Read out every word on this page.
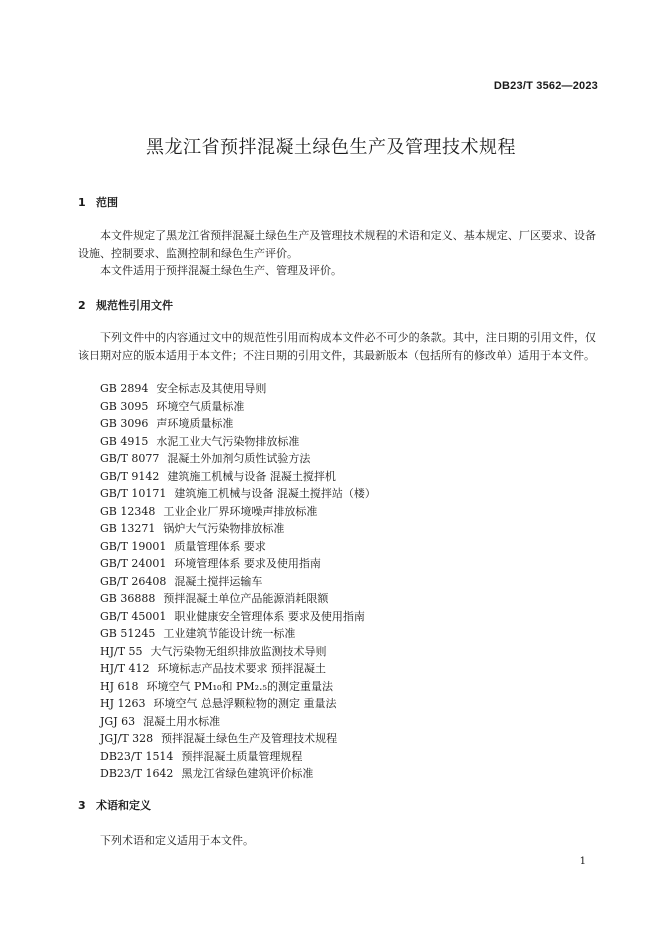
DB23/T 3562—2023
黑龙江省预拌混凝土绿色生产及管理技术规程
1 范围
本文件规定了黑龙江省预拌混凝土绿色生产及管理技术规程的术语和定义、基本规定、厂区要求、设备设施、控制要求、监测控制和绿色生产评价。
本文件适用于预拌混凝土绿色生产、管理及评价。
2 规范性引用文件
下列文件中的内容通过文中的规范性引用而构成本文件必不可少的条款。其中，注日期的引用文件，仅该日期对应的版本适用于本文件；不注日期的引用文件，其最新版本（包括所有的修改单）适用于本文件。
GB 2894 安全标志及其使用导则
GB 3095 环境空气质量标准
GB 3096 声环境质量标准
GB 4915 水泥工业大气污染物排放标准
GB/T 8077 混凝土外加剂匀质性试验方法
GB/T 9142 建筑施工机械与设备 混凝土搅拌机
GB/T 10171 建筑施工机械与设备 混凝土搅拌站（楼）
GB 12348 工业企业厂界环境噪声排放标准
GB 13271 锅炉大气污染物排放标准
GB/T 19001 质量管理体系 要求
GB/T 24001 环境管理体系 要求及使用指南
GB/T 26408 混凝土搅拌运输车
GB 36888 预拌混凝土单位产品能源消耗限额
GB/T 45001 职业健康安全管理体系 要求及使用指南
GB 51245 工业建筑节能设计统一标准
HJ/T 55 大气污染物无组织排放监测技术导则
HJ/T 412 环境标志产品技术要求 预拌混凝土
HJ 618 环境空气 PM₁₀和 PM₂.₅的测定重量法
HJ 1263 环境空气 总悬浮颗粒物的测定 重量法
JGJ 63 混凝土用水标准
JGJ/T 328 预拌混凝土绿色生产及管理技术规程
DB23/T 1514 预拌混凝土质量管理规程
DB23/T 1642 黑龙江省绿色建筑评价标准
3 术语和定义
下列术语和定义适用于本文件。
1
